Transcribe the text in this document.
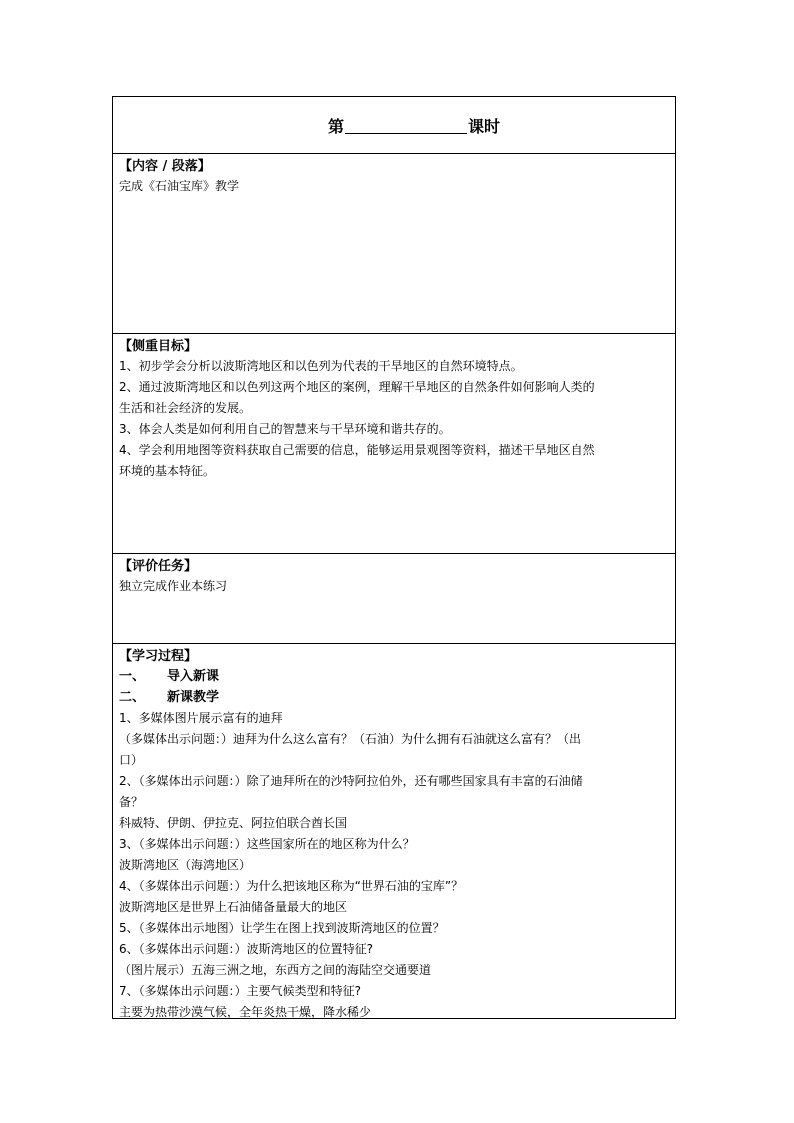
第	课时
【内容 / 段落】
完成《石油宝库》教学
【侧重目标】
1、初步学会分析以波斯湾地区和以色列为代表的干旱地区的自然环境特点。
2、通过波斯湾地区和以色列这两个地区的案例，理解干旱地区的自然条件如何影响人类的
生活和社会经济的发展。
3、体会人类是如何利用自己的智慧来与干旱环境和谐共存的。
4、学会利用地图等资料获取自己需要的信息，能够运用景观图等资料，描述干旱地区自然
环境的基本特征。
【评价任务】
独立完成作业本练习
【学习过程】
一、 导入新课
二、 新课教学
1、多媒体图片展示富有的迪拜
（多媒体出示问题：）迪拜为什么这么富有？（石油）为什么拥有石油就这么富有？（出
口）
2、（多媒体出示问题：）除了迪拜所在的沙特阿拉伯外，还有哪些国家具有丰富的石油储
备？
科威特、伊朗、伊拉克、阿拉伯联合酋长国
3、（多媒体出示问题：）这些国家所在的地区称为什么？
波斯湾地区（海湾地区）
4、（多媒体出示问题：）为什么把该地区称为“世界石油的宝库”？
波斯湾地区是世界上石油储备量最大的地区
5、（多媒体出示地图）让学生在图上找到波斯湾地区的位置？
6、（多媒体出示问题：）波斯湾地区的位置特征?
（图片展示）五海三洲之地，东西方之间的海陆空交通要道
7、（多媒体出示问题：）主要气候类型和特征?
主要为热带沙漠气候，全年炎热干燥，降水稀少
